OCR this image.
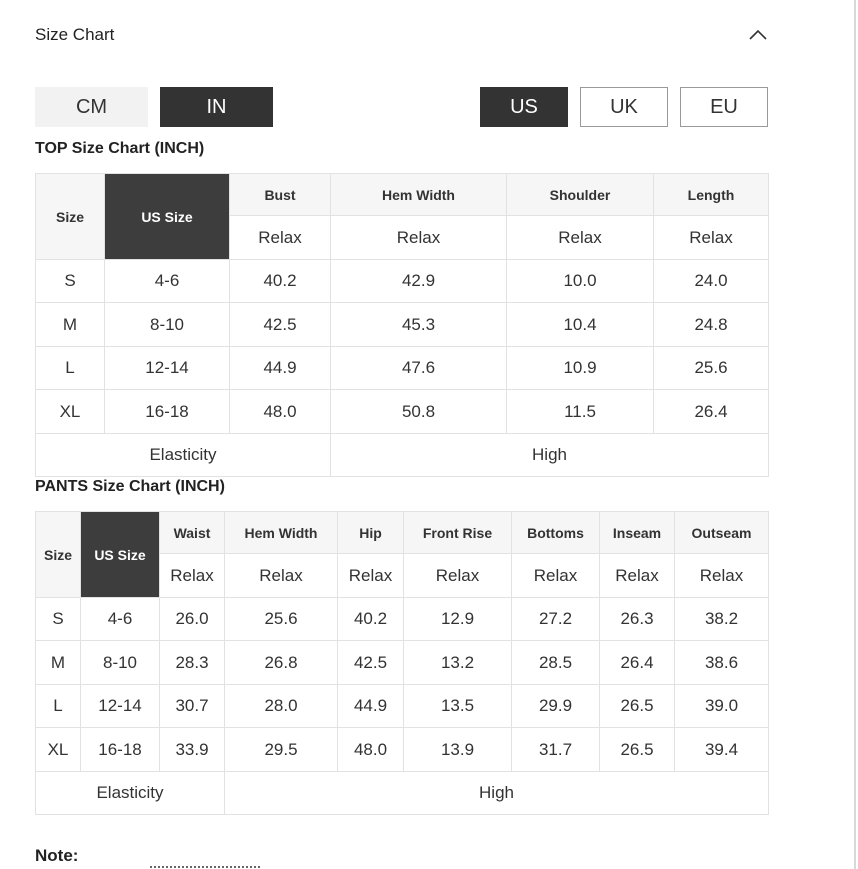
Size Chart
CM	IN	US	UK	EU
TOP Size Chart (INCH)
Size	US Size	Bust	Hem Width	Shoulder	Length
		Relax	Relax	Relax	Relax
S	4-6	40.2	42.9	10.0	24.0
M	8-10	42.5	45.3	10.4	24.8
L	12-14	44.9	47.6	10.9	25.6
XL	16-18	48.0	50.8	11.5	26.4
Elasticity			High		
PANTS Size Chart (INCH)
Size	US Size	Waist	Hem Width	Hip	Front Rise	Bottoms	Inseam	Outseam
		Relax	Relax	Relax	Relax	Relax	Relax	Relax
S	4-6	26.0	25.6	40.2	12.9	27.2	26.3	38.2
M	8-10	28.3	26.8	42.5	13.2	28.5	26.4	38.6
L	12-14	30.7	28.0	44.9	13.5	29.9	26.5	39.0
XL	16-18	33.9	29.5	48.0	13.9	31.7	26.5	39.4
Elasticity			High					
Note:
